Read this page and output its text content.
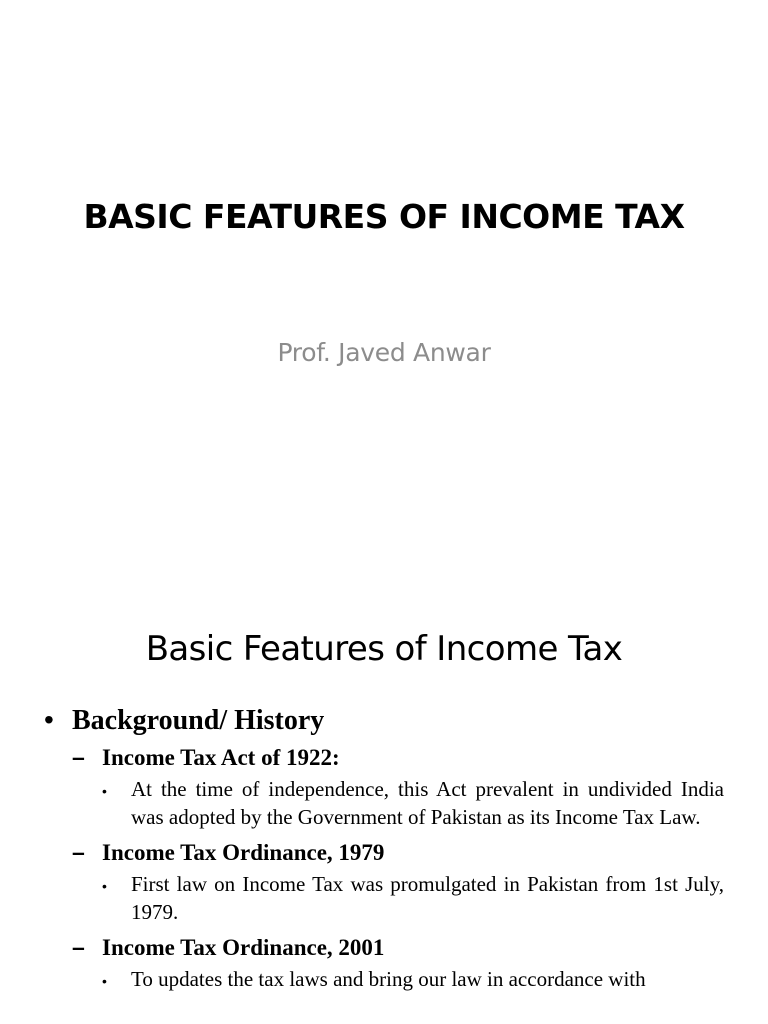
BASIC FEATURES OF INCOME TAX
Prof. Javed Anwar
Basic Features of Income Tax
• Background/ History
– Income Tax Act of 1922:
•	At the time of independence, this Act prevalent in undivided India was adopted by the Government of Pakistan as its Income Tax Law.
– Income Tax Ordinance, 1979
•	First law on Income Tax was promulgated in Pakistan from 1st July, 1979.
– Income Tax Ordinance, 2001
•	To updates the tax laws and bring our law in accordance with
